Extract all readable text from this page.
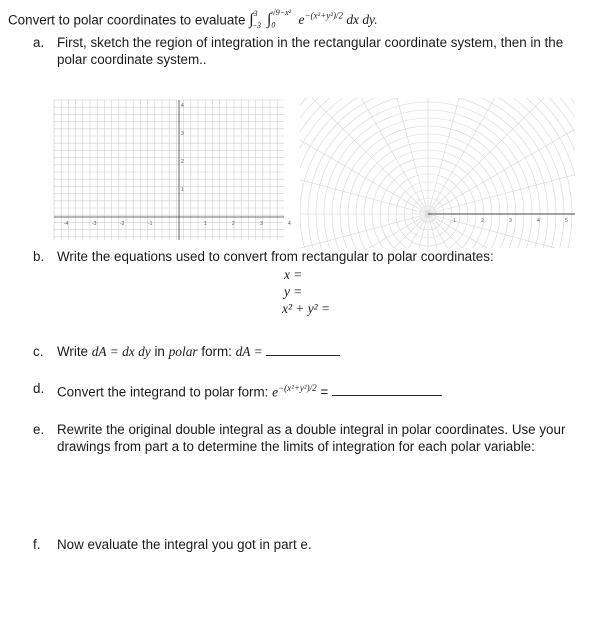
Convert to polar coordinates to evaluate ∫$^3_{-3}$ $\int_0^{√9-x^2}$ $e^{-(x^2+y^2)/2}$ dx dy.
a. First, sketch the region of integration in the rectangular coordinate system, then in the polar coordinate system..
-4	-3	-2	-1	1	2	3	4
4
3
2
1
1	2	3	4	5
b. Write the equations used to convert from rectangular to polar coordinates:
x =
y =
x² + y² =
c. Write dA = dx dy in polar form: dA =
d. Convert the integrand to polar form: $e^{-(x^2+y^2)/2}$ =
e. Rewrite the original double integral as a double integral in polar coordinates. Use your drawings from part a to determine the limits of integration for each polar variable:
f. Now evaluate the integral you got in part e.
